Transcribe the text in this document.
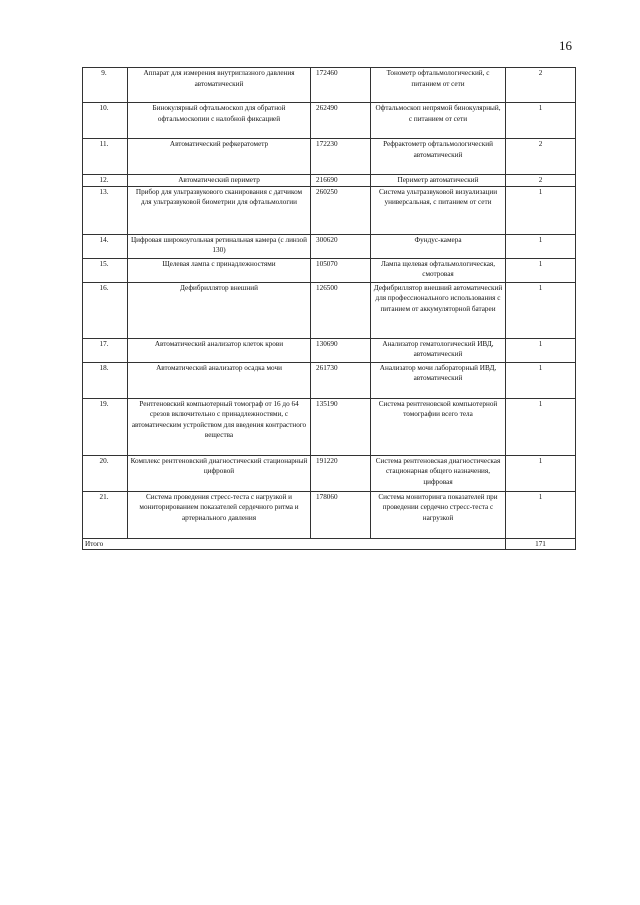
16
9.	Аппарат для измерения внутриглазного давления автоматический	172460	Тонометр офтальмологический, с питанием от сети	2
10.	Бинокулярный офтальмоскоп для обратной офтальмоскопии с налобной фиксацией	262490	Офтальмоскоп непрямой бинокулярный, с питанием от сети	1
11.	Автоматический рефкератометр	172230	Рефрактометр офтальмологический автоматический	2
12.	Автоматический периметр	216690	Периметр автоматический	2
13.	Прибор для ультразвукового сканирования с датчиком для ультразвуковой биометрии для офтальмологии	260250	Система ультразвуковой визуализации универсальная, с питанием от сети	1
14.	Цифровая широкоугольная ретинальная камера (с линзой 130)	300620	Фундус-камера	1
15.	Щелевая лампа с принадлежностями	105070	Лампа щелевая офтальмологическая, смотровая	1
16.	Дефибриллятор внешний	126500	Дефибриллятор внешний автоматический для профессионального использования с питанием от аккумуляторной батареи	1
17.	Автоматический анализатор клеток крови	130690	Анализатор гематологический ИВД, автоматический	1
18.	Автоматический анализатор осадка мочи	261730	Анализатор мочи лабораторный ИВД, автоматический	1
19.	Рентгеновский компьютерный томограф от 16 до 64 срезов включительно с принадлежностями, с автоматическим устройством для введения контрастного вещества	135190	Система рентгеновской компьютерной томографии всего тела	1
20.	Комплекс рентгеновский диагностический стационарный цифровой	191220	Система рентгеновская диагностическая стационарная общего назначения, цифровая	1
21.	Система проведения стресс-теста с нагрузкой и мониторированием показателей сердечного ритма и артериального давления	178060	Система мониторинга показателей при проведении сердечно стресс-теста с нагрузкой	1
Итого				171
